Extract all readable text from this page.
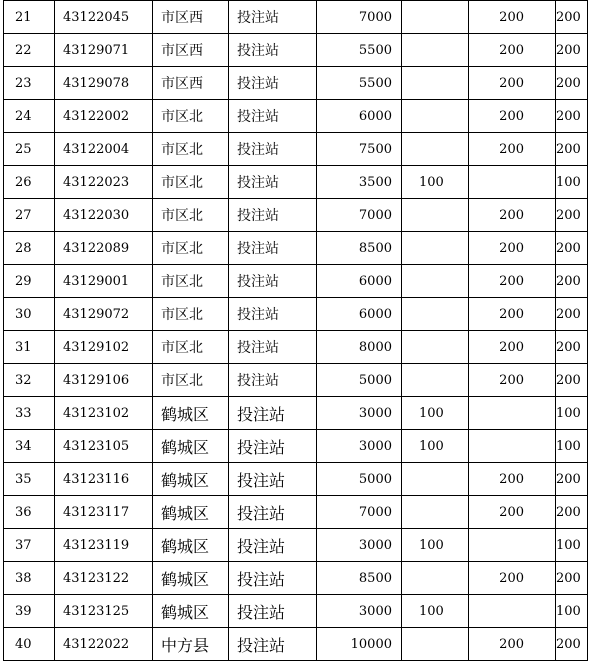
21	43122045	市区西	投注站	7000		200	200
22	43129071	市区西	投注站	5500		200	200
23	43129078	市区西	投注站	5500		200	200
24	43122002	市区北	投注站	6000		200	200
25	43122004	市区北	投注站	7500		200	200
26	43122023	市区北	投注站	3500	100		100
27	43122030	市区北	投注站	7000		200	200
28	43122089	市区北	投注站	8500		200	200
29	43129001	市区北	投注站	6000		200	200
30	43129072	市区北	投注站	6000		200	200
31	43129102	市区北	投注站	8000		200	200
32	43129106	市区北	投注站	5000		200	200
33	43123102	鹤城区	投注站	3000	100		100
34	43123105	鹤城区	投注站	3000	100		100
35	43123116	鹤城区	投注站	5000		200	200
36	43123117	鹤城区	投注站	7000		200	200
37	43123119	鹤城区	投注站	3000	100		100
38	43123122	鹤城区	投注站	8500		200	200
39	43123125	鹤城区	投注站	3000	100		100
40	43122022	中方县	投注站	10000		200	200
